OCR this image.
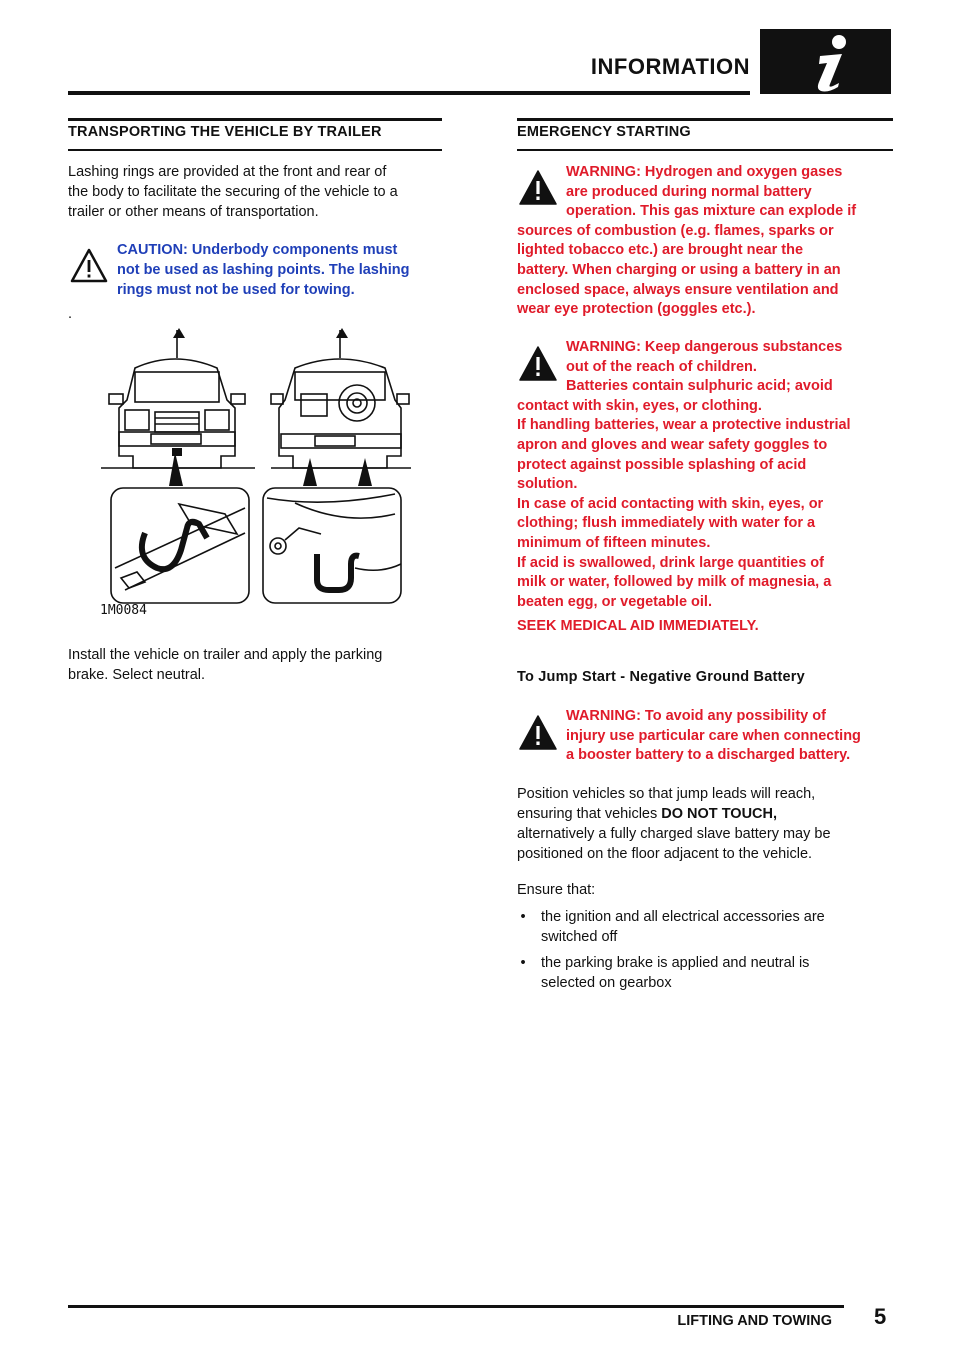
INFORMATION
TRANSPORTING THE VEHICLE BY TRAILER
Lashing rings are provided at the front and rear of
the body to facilitate the securing of the vehicle to a
trailer or other means of transportation.
CAUTION: Underbody components must
not be used as lashing points. The lashing
rings must not be used for towing.
.
1M0084
Install the vehicle on trailer and apply the parking
brake. Select neutral.
EMERGENCY STARTING

WARNING: Hydrogen and oxygen gases

are produced during normal battery

operation. This gas mixture can explode if

sources of combustion (e.g. flames, sparks or

lighted tobacco etc.) are brought near the

battery. When charging or using a battery in an

enclosed space, always ensure ventilation and

wear eye protection (goggles etc.).

WARNING: Keep dangerous substances

out of the reach of children.

Batteries contain sulphuric acid; avoid

contact with skin, eyes, or clothing.

If handling batteries, wear a protective industrial

apron and gloves and wear safety goggles to

protect against possible splashing of acid

solution.

In case of acid contacting with skin, eyes, or

clothing; flush immediately with water for a

minimum of fifteen minutes.

If acid is swallowed, drink large quantities of

milk or water, followed by milk of magnesia, a

beaten egg, or vegetable oil.

SEEK MEDICAL AID IMMEDIATELY.
To Jump Start - Negative Ground Battery

WARNING: To avoid any possibility of

injury use particular care when connecting

a booster battery to a discharged battery.

Position vehicles so that jump leads will reach,
ensuring that vehicles DO NOT TOUCH,
alternatively a fully charged slave battery may be
positioned on the floor adjacent to the vehicle.
Ensure that:
• the ignition and all electrical accessories are
switched off
• the parking brake is applied and neutral is
selected on gearbox
LIFTING AND TOWING 5
